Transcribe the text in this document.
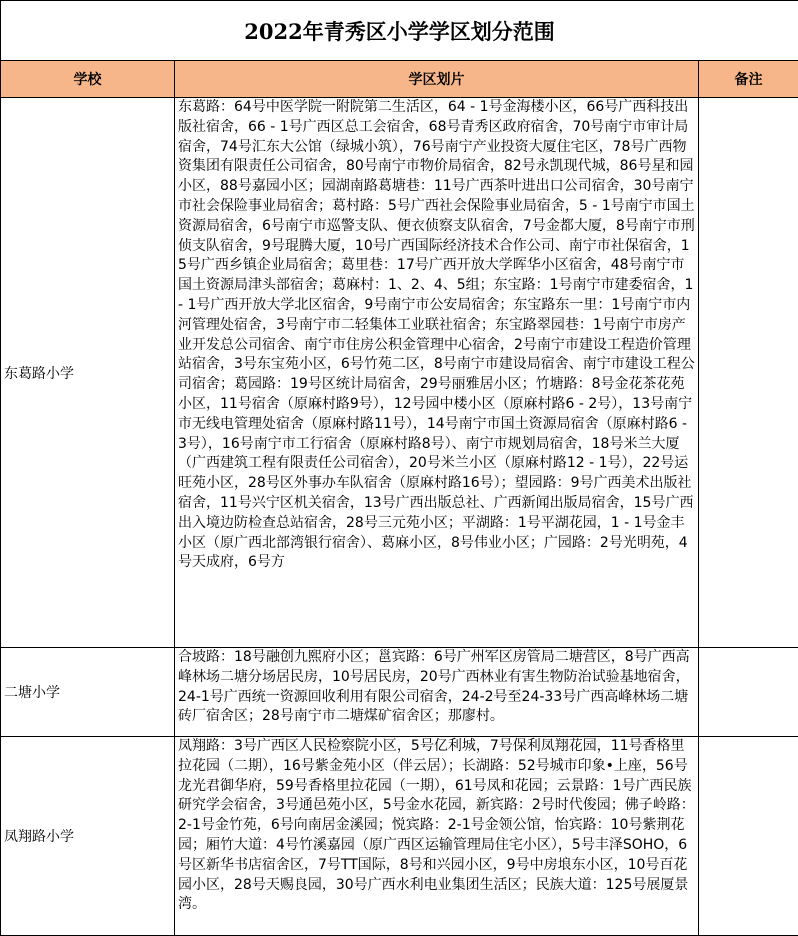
2022年青秀区小学学区划分范围		
学校	学区划片	备注
东葛路小学	东葛路：64号中医学院一附院第二生活区，64 - 1号金海楼小区，66号广西科技出版社宿舍，66 - 1号广西区总工会宿舍，68号青秀区政府宿舍，70号南宁市审计局宿舍，74号汇东大公馆（绿城小筑），76号南宁产业投资大厦住宅区，78号广西物资集团有限责任公司宿舍，80号南宁市物价局宿舍，82号永凯现代城，86号星和园小区，88号嘉园小区；园湖南路葛塘巷：11号广西茶叶进出口公司宿舍，30号南宁市社会保险事业局宿舍；葛村路：5号广西社会保险事业局宿舍，5 - 1号南宁市国土资源局宿舍，6号南宁市巡警支队、便衣侦察支队宿舍，7号金都大厦，8号南宁市刑侦支队宿舍，9号琨腾大厦，10号广西国际经济技术合作公司、南宁市社保宿舍，15号广西乡镇企业局宿舍；葛里巷：17号广西开放大学晖华小区宿舍，48号南宁市国土资源局津头部宿舍；葛麻村：1、2、4、5组；东宝路：1号南宁市建委宿舍，1 - 1号广西开放大学北区宿舍，9号南宁市公安局宿舍；东宝路东一里：1号南宁市内河管理处宿舍，3号南宁市二轻集体工业联社宿舍；东宝路翠园巷：1号南宁市房产业开发总公司宿舍、南宁市住房公积金管理中心宿舍，2号南宁市建设工程造价管理站宿舍，3号东宝苑小区，6号竹苑二区，8号南宁市建设局宿舍、南宁市建设工程公司宿舍；葛园路：19号区统计局宿舍，29号丽雅居小区；竹塘路：8号金花茶花苑小区，11号宿舍（原麻村路9号），12号园中楼小区（原麻村路6 - 2号），13号南宁市无线电管理处宿舍（原麻村路11号），14号南宁市国土资源局宿舍（原麻村路6 - 3号），16号南宁市工行宿舍（原麻村路8号）、南宁市规划局宿舍，18号米兰大厦（广西建筑工程有限责任公司宿舍），20号米兰小区（原麻村路12 - 1号），22号运旺苑小区，28号区外事办车队宿舍（原麻村路16号）；望园路：9号广西美术出版社宿舍，11号兴宁区机关宿舍，13号广西出版总社、广西新闻出版局宿舍，15号广西出入境边防检查总站宿舍，28号三元苑小区；平湖路：1号平湖花园，1 - 1号金丰小区（原广西北部湾银行宿舍）、葛麻小区，8号伟业小区；广园路：2号光明苑，4号天成府，6号方	

二塘小学	合坡路：18号融创九熙府小区；邕宾路：6号广州军区房管局二塘营区，8号广西高峰林场二塘分场居民房，10号居民房，20号广西林业有害生物防治试验基地宿舍，24-1号广西统一资源回收利用有限公司宿舍，24-2号至24-33号广西高峰林场二塘砖厂宿舍区；28号南宁市二塘煤矿宿舍区；那廖村。	

凤翔路小学	凤翔路：3号广西区人民检察院小区，5号亿利城，7号保利凤翔花园，11号香格里拉花园（二期），16号紫金苑小区（伴云居）；长湖路：52号城市印象•上座，56号龙光君御华府，59号香格里拉花园（一期），61号凤和花园；云景路：1号广西民族研究学会宿舍，3号通邑苑小区，5号金水花园，新宾路：2号时代俊园；佛子岭路：2-1号金竹苑，6号向南居金溪园；悦宾路：2-1号金领公馆，怡宾路：10号紫荆花园；厢竹大道：4号竹溪嘉园（原广西区运输管理局住宅小区），5号丰泽SOHO，6号区新华书店宿舍区，7号TT国际，8号和兴园小区，9号中房埌东小区，10号百花园小区，28号天赐良园，30号广西水利电业集团生活区；民族大道：125号展厦景湾。	
